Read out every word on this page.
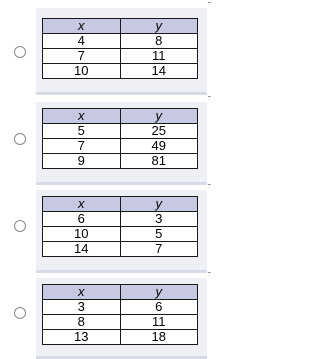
x	y
4	8
7	11
10	14
x	y
5	25
7	49
9	81
x	y
6	3
10	5
14	7
x	y
3	6
8	11
13	18
